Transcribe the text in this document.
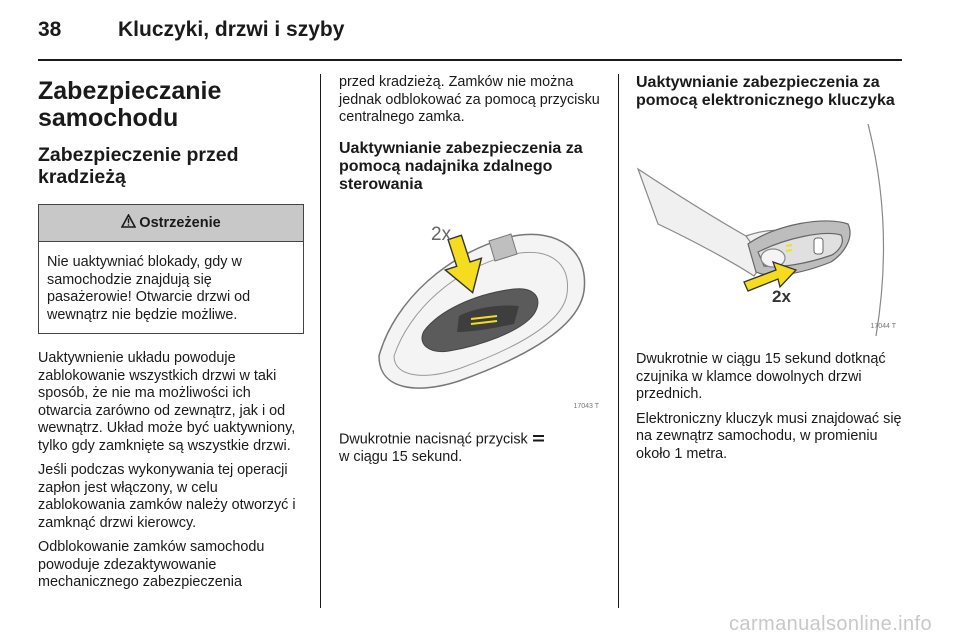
38	Kluczyki, drzwi i szyby
Zabezpieczanie samochodu
Zabezpieczenie przed kradzieżą
Ostrzeżenie

Nie uaktywniać blokady, gdy w samochodzie znajdują się pasażerowie! Otwarcie drzwi od wewnątrz nie będzie możliwe.

Uaktywnienie układu powoduje zablokowanie wszystkich drzwi w taki sposób, że nie ma możliwości ich otwarcia zarówno od zewnątrz, jak i od wewnątrz. Układ może być uaktywniony, tylko gdy zamknięte są wszystkie drzwi.

Jeśli podczas wykonywania tej operacji zapłon jest włączony, w celu zablokowania zamków należy otworzyć i zamknąć drzwi kierowcy.

Odblokowanie zamków samochodu powoduje zdezaktywowanie mechanicznego zabezpieczenia

przed kradzieżą. Zamków nie można jednak odblokować za pomocą przycisku centralnego zamka.

Uaktywnianie zabezpieczenia za pomocą nadajnika zdalnego sterowania
2x
17043 T

Dwukrotnie nacisnąć przycisk
w ciągu 15 sekund.

Uaktywnianie zabezpieczenia za pomocą elektronicznego kluczyka
2x
17044 T

Dwukrotnie w ciągu 15 sekund dotknąć czujnika w klamce dowolnych drzwi przednich.

Elektroniczny kluczyk musi znajdować się na zewnątrz samochodu, w promieniu około 1 metra.

carmanualsonline.info
